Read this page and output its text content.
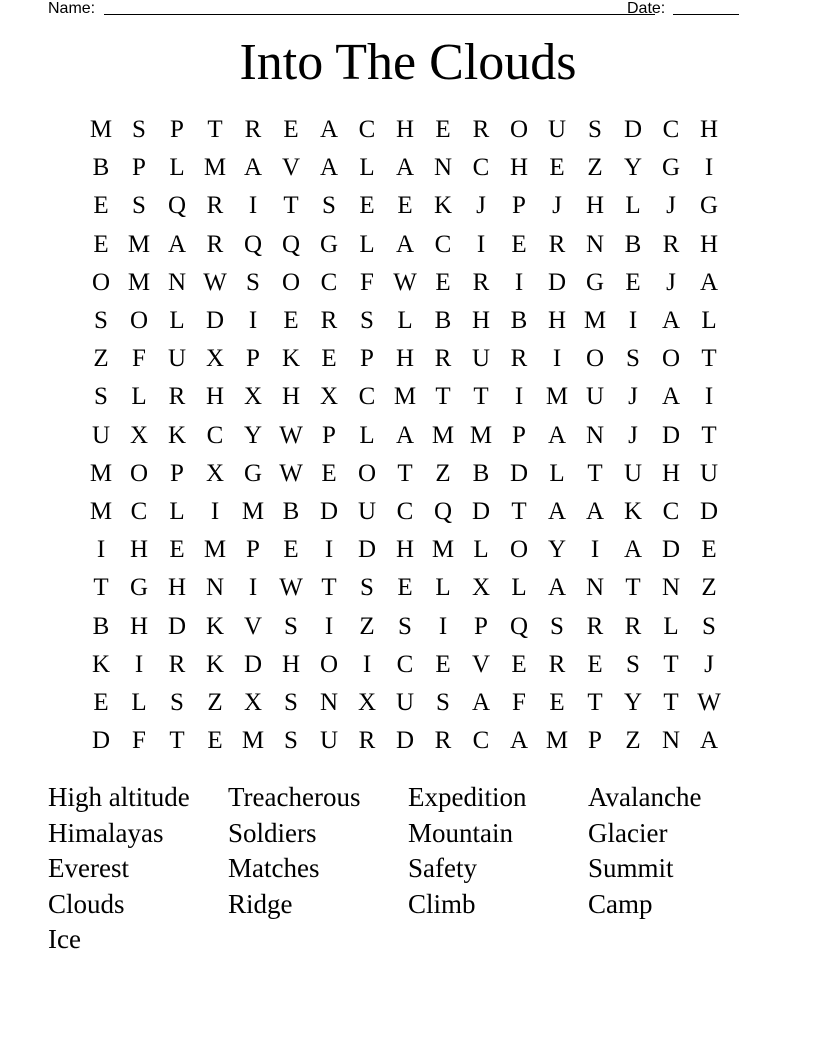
Name:	Date:
Into The Clouds
M S P T R E A C H E R O U S D C H
B P L M A V A L A N C H E Z Y G I
E S Q R	I	T S E E K J	P	J H L	J G
E M A R Q Q G L A C	I	E R N B R H
O M N W S O C F W E R	I D G E	J A
S O L D I	E R S L B H B H M I A L
Z F U X P K E P H R U R	I O S O T
S L R H X H X C M T T	I M U J A I
U X K C Y W P L A M M P A N J D T
M O P X G W E O T Z B D L T U H U
M C L	I M B D U C Q D T A A K C D
I H E M P E	I D H M L O Y I A D E
T G H N I W T S E L X L A N T N Z
B H D K V S	I	Z S	I	P Q S R R L S
K I	R K D H O I	C E V E R E S T	J
E L S Z X S N X U S A F E T Y T W
D F T E M S U R D R C A M P Z N A
High altitude	Treacherous	Expedition	Avalanche
Himalayas	Soldiers	Mountain	Glacier
Everest	Matches	Safety	Summit
Clouds	Ridge	Climb	Camp
Ice
